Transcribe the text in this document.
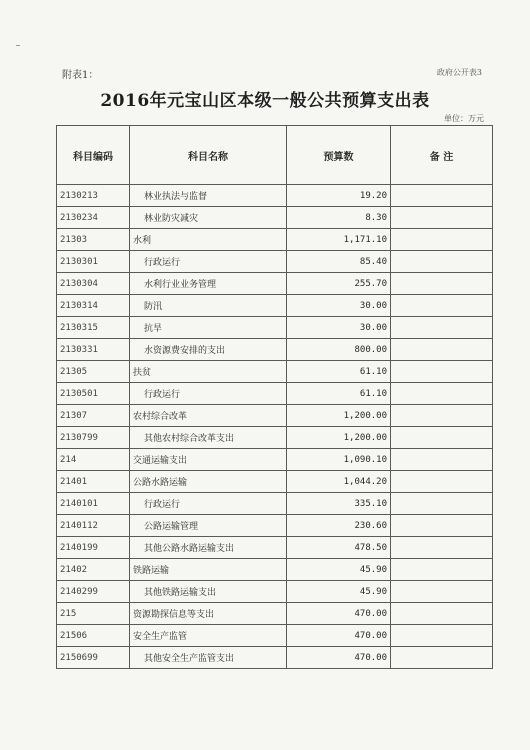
附表1：	政府公开表3
2016年元宝山区本级一般公共预算支出表
单位：万元
科目编码	科目名称	预算数	备 注
2130213	林业执法与监督	19.20	
2130234	林业防灾减灾	8.30	
21303	水利	1,171.10	
2130301	行政运行	85.40	
2130304	水利行业业务管理	255.70	
2130314	防汛	30.00	
2130315	抗旱	30.00	
2130331	水资源费安排的支出	800.00	
21305	扶贫	61.10	
2130501	行政运行	61.10	
21307	农村综合改革	1,200.00	
2130799	其他农村综合改革支出	1,200.00	
214	交通运输支出	1,090.10	
21401	公路水路运输	1,044.20	
2140101	行政运行	335.10	
2140112	公路运输管理	230.60	
2140199	其他公路水路运输支出	478.50	
21402	铁路运输	45.90	
2140299	其他铁路运输支出	45.90	
215	资源勘探信息等支出	470.00	
21506	安全生产监管	470.00	
2150699	其他安全生产监管支出	470.00	
